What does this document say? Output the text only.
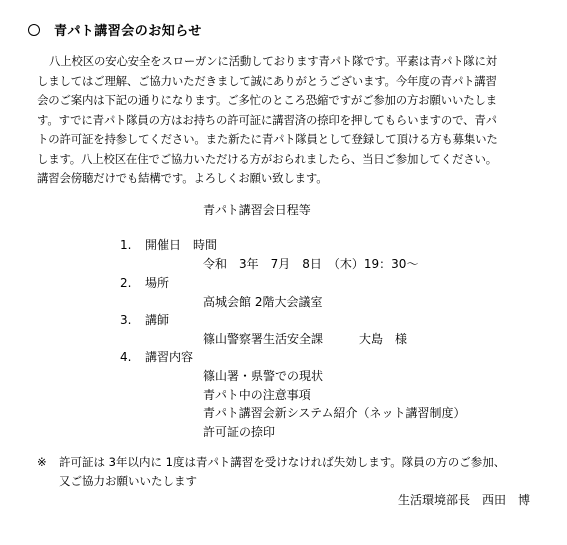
青パト講習会のお知らせ
八上校区の安心安全をスローガンに活動しております青パト隊です。平素は青パト隊に対
しましてはご理解、ご協力いただきまして誠にありがとうございます。今年度の青パト講習
会のご案内は下記の通りになります。ご多忙のところ恐縮ですがご参加の方お願いいたしま
す。すでに青パト隊員の方はお持ちの許可証に講習済の捺印を押してもらいますので、青パ
トの許可証を持参してください。また新たに青パト隊員として登録して頂ける方も募集いた
します。八上校区在住でご協力いただける方がおられましたら、当日ご参加してください。
講習会傍聴だけでも結構です。よろしくお願い致します。
青パト講習会日程等
1. 開催日　時間
令和　3年　7月　8日　（木）19：30～
2. 場所
高城会館 2階大会議室
3. 講師
篠山警察署生活安全課　　　大島　様
4. 講習内容
篠山署・県警での現状
青パト中の注意事項
青パト講習会新システム紹介（ネット講習制度）
許可証の捺印
※ 許可証は 3年以内に 1度は青パト講習を受けなければ失効します。隊員の方のご参加、
又ご協力お願いいたします
生活環境部長　西田　博
